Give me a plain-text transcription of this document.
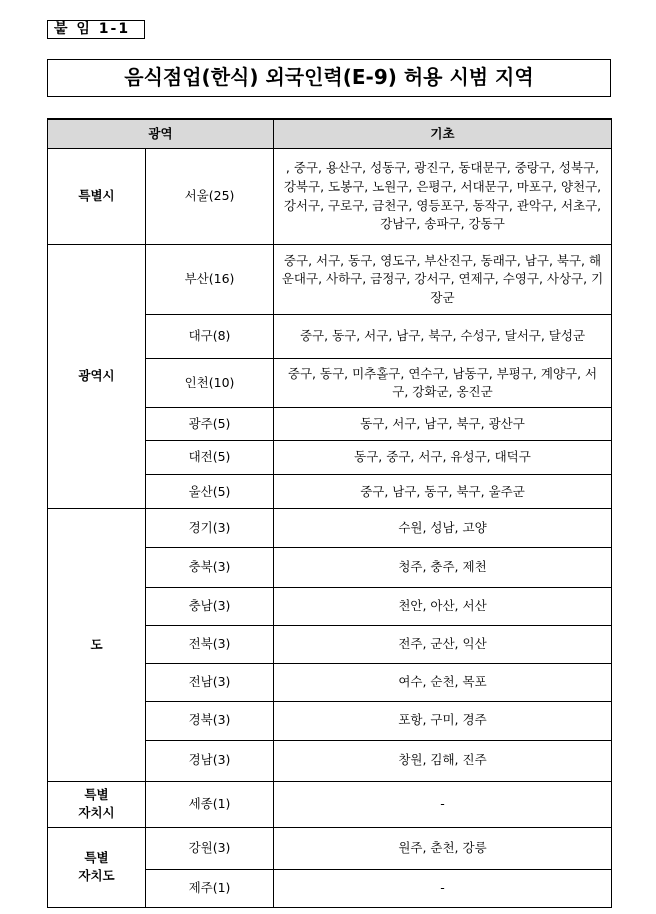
붙 임 1-1
음식점업(한식) 외국인력(E-9) 허용 시범 지역
광역		기초
특별시	서울(25)	, 중구, 용산구, 성동구, 광진구, 동대문구, 중랑구, 성북구, 강북구, 도봉구, 노원구, 은평구, 서대문구, 마포구, 양천구, 강서구, 구로구, 금천구, 영등포구, 동작구, 관악구, 서초구, 강남구, 송파구, 강동구
광역시	부산(16)	중구, 서구, 동구, 영도구, 부산진구, 동래구, 남구, 북구, 해운대구, 사하구, 금정구, 강서구, 연제구, 수영구, 사상구, 기장군
	대구(8)	중구, 동구, 서구, 남구, 북구, 수성구, 달서구, 달성군
	인천(10)	중구, 동구, 미추홀구, 연수구, 남동구, 부평구, 계양구, 서구, 강화군, 옹진군
	광주(5)	동구, 서구, 남구, 북구, 광산구
	대전(5)	동구, 중구, 서구, 유성구, 대덕구
	울산(5)	중구, 남구, 동구, 북구, 울주군
도	경기(3)	수원, 성남, 고양
	충북(3)	청주, 충주, 제천
	충남(3)	천안, 아산, 서산
	전북(3)	전주, 군산, 익산
	전남(3)	여수, 순천, 목포
	경북(3)	포항, 구미, 경주
	경남(3)	창원, 김해, 진주
특별
자치시	세종(1)	-
특별
자치도	강원(3)	원주, 춘천, 강릉
	제주(1)	-
